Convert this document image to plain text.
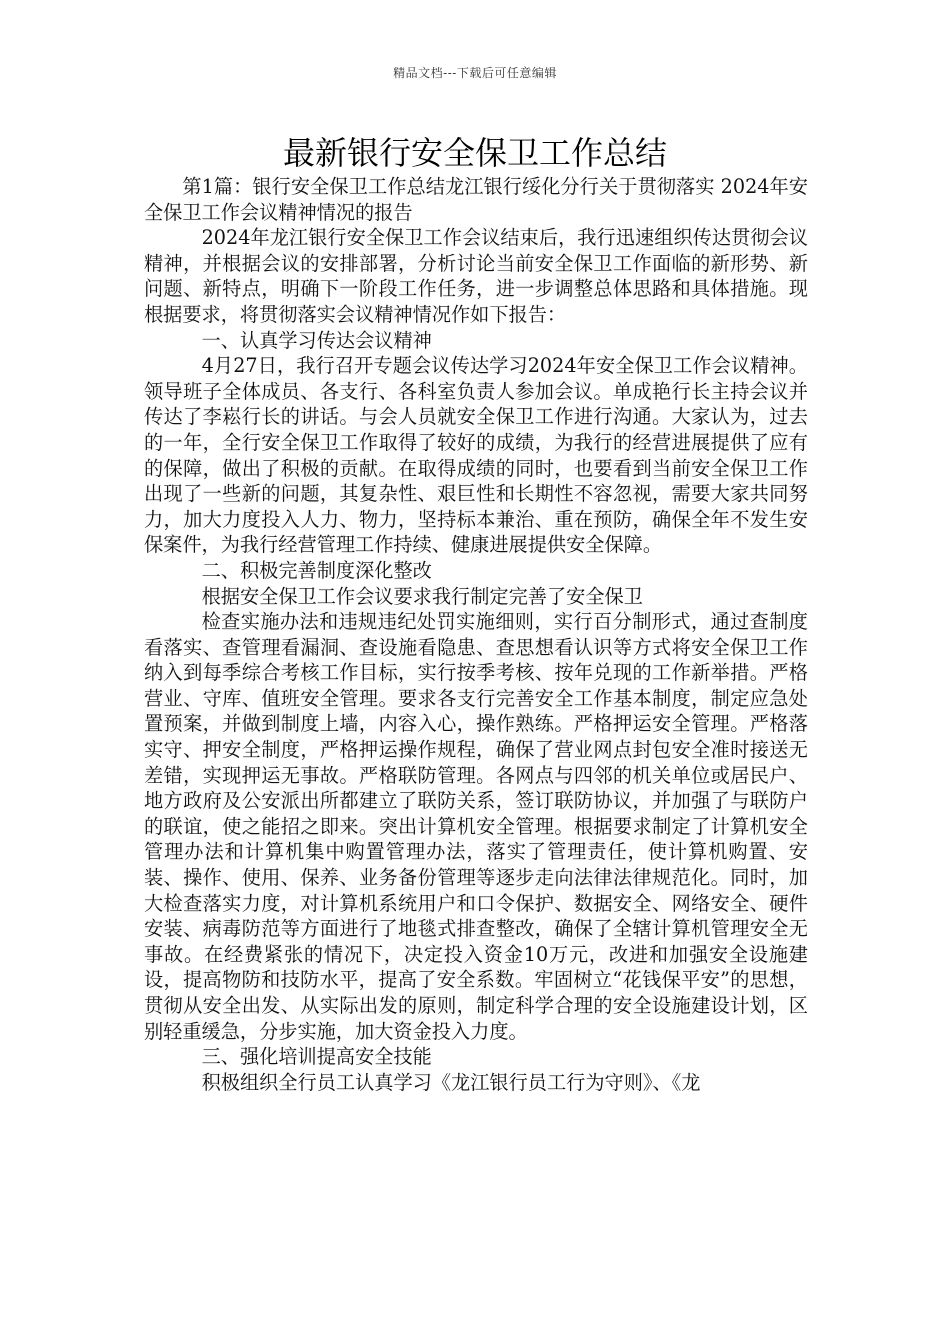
精品文档---下载后可任意编辑
最新银行安全保卫工作总结

第1篇：银行安全保卫工作总结龙江银行绥化分行关于贯彻落实 2024年安全保卫工作会议精神情况的报告

2024年龙江银行安全保卫工作会议结束后，我行迅速组织传达贯彻会议精神，并根据会议的安排部署，分析讨论当前安全保卫工作面临的新形势、新问题、新特点，明确下一阶段工作任务，进一步调整总体思路和具体措施。现根据要求，将贯彻落实会议精神情况作如下报告：

一、认真学习传达会议精神

4月27日，我行召开专题会议传达学习2024年安全保卫工作会议精神。领导班子全体成员、各支行、各科室负责人参加会议。单成艳行长主持会议并传达了李崧行长的讲话。与会人员就安全保卫工作进行沟通。大家认为，过去的一年，全行安全保卫工作取得了较好的成绩，为我行的经营进展提供了应有的保障，做出了积极的贡献。在取得成绩的同时，也要看到当前安全保卫工作出现了一些新的问题，其复杂性、艰巨性和长期性不容忽视，需要大家共同努力，加大力度投入人力、物力，坚持标本兼治、重在预防，确保全年不发生安保案件，为我行经营管理工作持续、健康进展提供安全保障。

二、积极完善制度深化整改

根据安全保卫工作会议要求我行制定完善了安全保卫

检查实施办法和违规违纪处罚实施细则，实行百分制形式，通过查制度看落实、查管理看漏洞、查设施看隐患、查思想看认识等方式将安全保卫工作纳入到每季综合考核工作目标，实行按季考核、按年兑现的工作新举措。严格营业、守库、值班安全管理。要求各支行完善安全工作基本制度，制定应急处置预案，并做到制度上墙，内容入心，操作熟练。严格押运安全管理。严格落实守、押安全制度，严格押运操作规程，确保了营业网点封包安全准时接送无差错，实现押运无事故。严格联防管理。各网点与四邻的机关单位或居民户、地方政府及公安派出所都建立了联防关系，签订联防协议，并加强了与联防户的联谊，使之能招之即来。突出计算机安全管理。根据要求制定了计算机安全管理办法和计算机集中购置管理办法，落实了管理责任，使计算机购置、安装、操作、使用、保养、业务备份管理等逐步走向法律法律规范化。同时，加大检查落实力度，对计算机系统用户和口令保护、数据安全、网络安全、硬件安装、病毒防范等方面进行了地毯式排查整改，确保了全辖计算机管理安全无事故。在经费紧张的情况下，决定投入资金10万元，改进和加强安全设施建设，提高物防和技防水平，提高了安全系数。牢固树立“花钱保平安”的思想，贯彻从安全出发、从实际出发的原则，制定科学合理的安全设施建设计划，区别轻重缓急，分步实施，加大资金投入力度。

三、强化培训提高安全技能

积极组织全行员工认真学习《龙江银行员工行为守则》、《龙
